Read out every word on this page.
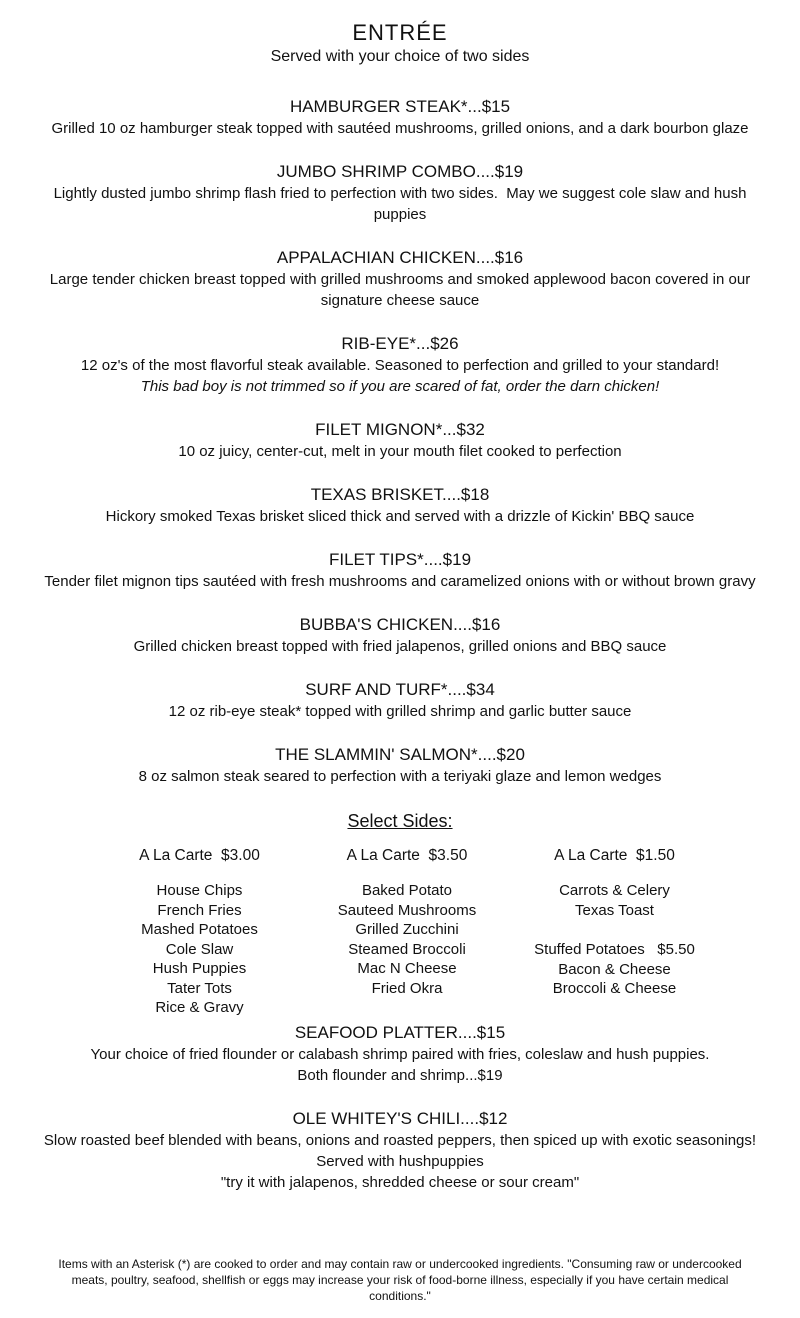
ENTRÉE
Served with your choice of two sides
HAMBURGER STEAK*...$15
Grilled 10 oz hamburger steak topped with sautéed mushrooms, grilled onions, and a dark bourbon glaze
JUMBO SHRIMP COMBO....$19
Lightly dusted jumbo shrimp flash fried to perfection with two sides.  May we suggest cole slaw and hush puppies
APPALACHIAN CHICKEN....$16
Large tender chicken breast topped with grilled mushrooms and smoked applewood bacon covered in our signature cheese sauce
RIB-EYE*...$26
12 oz's of the most flavorful steak available. Seasoned to perfection and grilled to your standard!
This bad boy is not trimmed so if you are scared of fat, order the darn chicken!
FILET MIGNON*...$32
10 oz juicy, center-cut, melt in your mouth filet cooked to perfection
TEXAS BRISKET....$18
Hickory smoked Texas brisket sliced thick and served with a drizzle of Kickin' BBQ sauce
FILET TIPS*....$19
Tender filet mignon tips sautéed with fresh mushrooms and caramelized onions with or without brown gravy
BUBBA'S CHICKEN....$16
Grilled chicken breast topped with fried jalapenos, grilled onions and BBQ sauce
SURF AND TURF*....$34
12 oz rib-eye steak* topped with grilled shrimp and garlic butter sauce
THE SLAMMIN' SALMON*....$20
8 oz salmon steak seared to perfection with a teriyaki glaze and lemon wedges
Select Sides:
A La Carte  $3.00
House Chips
French Fries
Mashed Potatoes
Cole Slaw
Hush Puppies
Tater Tots
Rice & Gravy
A La Carte  $3.50
Baked Potato
Sauteed Mushrooms
Grilled Zucchini
Steamed Broccoli
Mac N Cheese
Fried Okra
A La Carte  $1.50
Carrots & Celery
Texas Toast
Stuffed Potatoes   $5.50
Bacon & Cheese
Broccoli & Cheese
SEAFOOD PLATTER....$15
Your choice of fried flounder or calabash shrimp paired with fries, coleslaw and hush puppies.
Both flounder and shrimp...$19
OLE WHITEY'S CHILI....$12
Slow roasted beef blended with beans, onions and roasted peppers, then spiced up with exotic seasonings!  Served with hushpuppies
"try it with jalapenos, shredded cheese or sour cream"
Items with an Asterisk (*) are cooked to order and may contain raw or undercooked ingredients. "Consuming raw or undercooked meats, poultry, seafood, shellfish or eggs may increase your risk of food-borne illness, especially if you have certain medical conditions."
